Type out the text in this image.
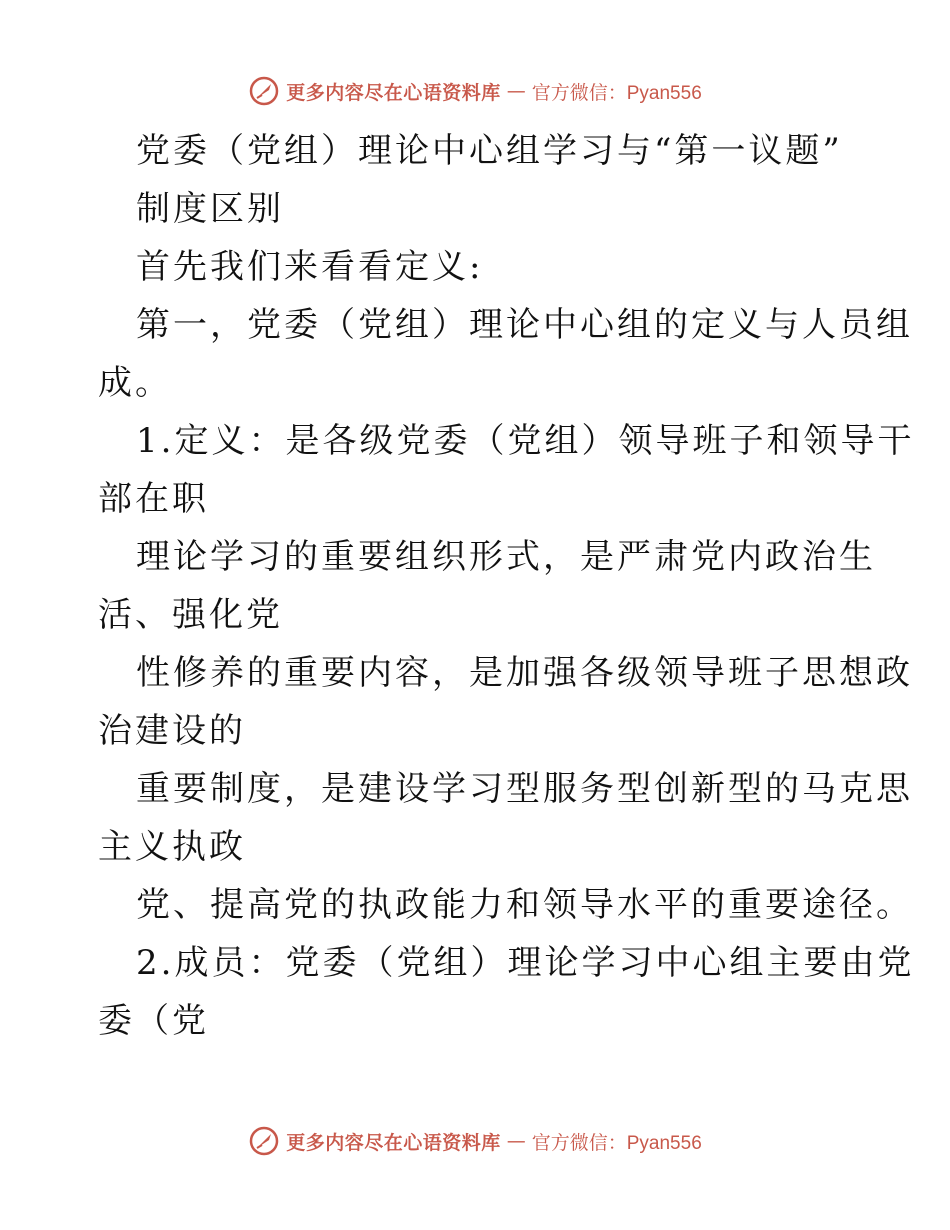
更多内容尽在心语资料库 — 官方微信：Pyan556
党委（党组）理论中心组学习与“第一议题”
制度区别
首先我们来看看定义:
第一，党委（党组）理论中心组的定义与人员组
成。
1.定义：是各级党委（党组）领导班子和领导干
部在职
理论学习的重要组织形式，是严肃党内政治生
活、强化党
性修养的重要内容，是加强各级领导班子思想政
治建设的
重要制度，是建设学习型服务型创新型的马克思
主义执政
党、提高党的执政能力和领导水平的重要途径。
2.成员：党委（党组）理论学习中心组主要由党
委（党
更多内容尽在心语资料库 — 官方微信：Pyan556
